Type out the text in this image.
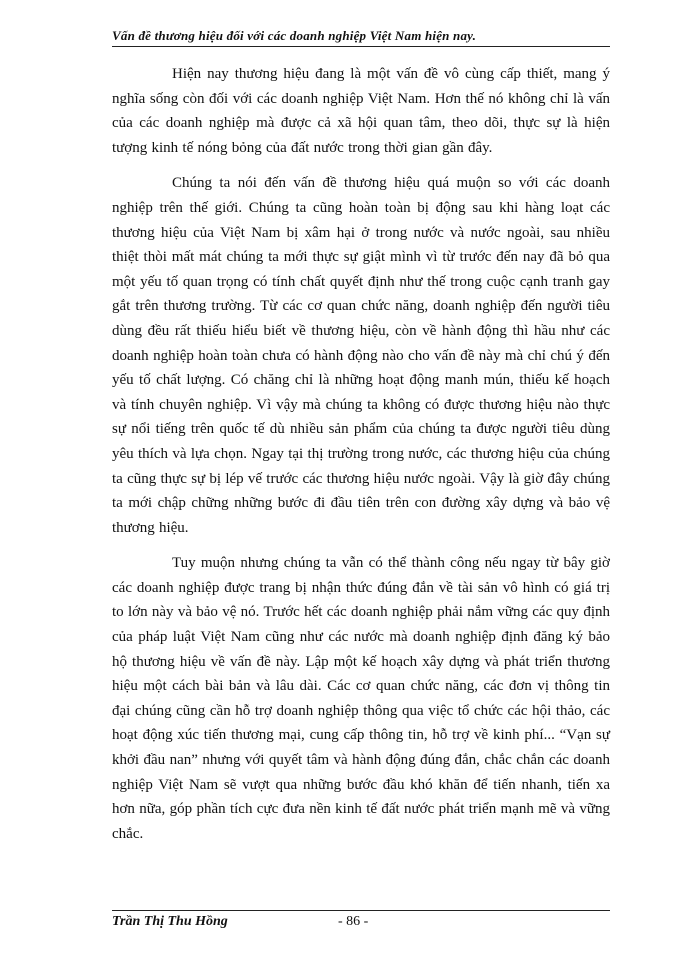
Vấn đề thương hiệu đối với các doanh nghiệp Việt Nam hiện nay.

Hiện nay thương hiệu đang là một vấn đề vô cùng cấp thiết, mang ý nghĩa sống còn đối với các doanh nghiệp Việt Nam. Hơn thế nó không chỉ là vấn của các doanh nghiệp mà được cả xã hội quan tâm, theo dõi, thực sự là hiện tượng kinh tế nóng bỏng của đất nước trong thời gian gần đây.

Chúng ta nói đến vấn đề thương hiệu quá muộn so với các doanh nghiệp trên thế giới. Chúng ta cũng hoàn toàn bị động sau khi hàng loạt các thương hiệu của Việt Nam bị xâm hại ở trong nước và nước ngoài, sau nhiều thiệt thòi mất mát chúng ta mới thực sự giật mình vì từ trước đến nay đã bỏ qua một yếu tố quan trọng có tính chất quyết định như thế trong cuộc cạnh tranh gay gắt trên thương trường. Từ các cơ quan chức năng, doanh nghiệp đến người tiêu dùng đều rất thiếu hiểu biết về thương hiệu, còn về hành động thì hầu như các doanh nghiệp hoàn toàn chưa có hành động nào cho vấn đề này mà chỉ chú ý đến yếu tố chất lượng. Có chăng chỉ là những hoạt động manh mún, thiếu kế hoạch và tính chuyên nghiệp. Vì vậy mà chúng ta không có được thương hiệu nào thực sự nổi tiếng trên quốc tế dù nhiều sản phẩm của chúng ta được người tiêu dùng yêu thích và lựa chọn. Ngay tại thị trường trong nước, các thương hiệu của chúng ta cũng thực sự bị lép vế trước các thương hiệu nước ngoài. Vậy là giờ đây chúng ta mới chập chững những bước đi đầu tiên trên con đường xây dựng và bảo vệ thương hiệu.

Tuy muộn nhưng chúng ta vẫn có thể thành công nếu ngay từ bây giờ các doanh nghiệp được trang bị nhận thức đúng đắn về tài sản vô hình có giá trị to lớn này và bảo vệ nó. Trước hết các doanh nghiệp phải nắm vững các quy định của pháp luật Việt Nam cũng như các nước mà doanh nghiệp định đăng ký bảo hộ thương hiệu về vấn đề này. Lập một kế hoạch xây dựng và phát triển thương hiệu một cách bài bản và lâu dài. Các cơ quan chức năng, các đơn vị thông tin đại chúng cũng cần hỗ trợ doanh nghiệp thông qua việc tổ chức các hội thảo, các hoạt động xúc tiến thương mại, cung cấp thông tin, hỗ trợ về kinh phí... “Vạn sự khởi đầu nan” nhưng với quyết tâm và hành động đúng đắn, chắc chắn các doanh nghiệp Việt Nam sẽ vượt qua những bước đầu khó khăn để tiến nhanh, tiến xa hơn nữa, góp phần tích cực đưa nền kinh tế đất nước phát triển mạnh mẽ và vững chắc.

Trần Thị Thu Hồng	- 86 -
